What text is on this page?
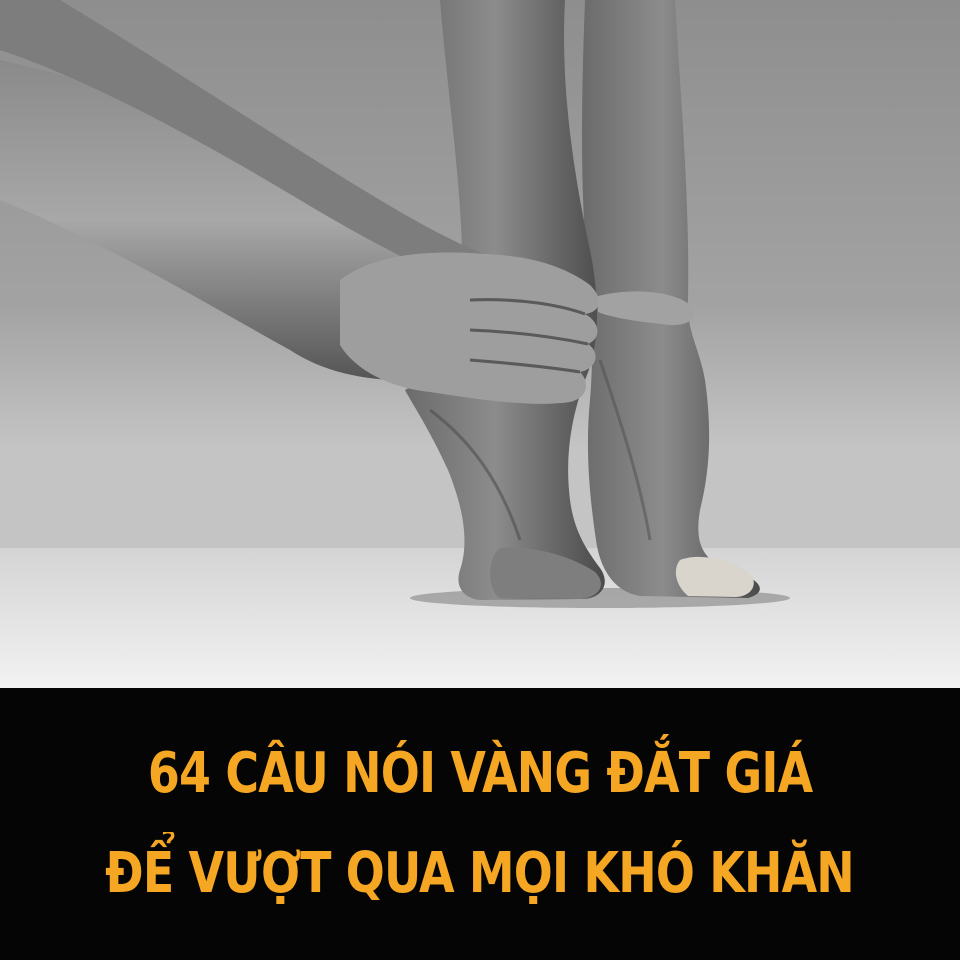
64 CÂU NÓI VÀNG ĐẮT GIÁ
ĐỂ VƯỢT QUA MỌI KHÓ KHĂN
